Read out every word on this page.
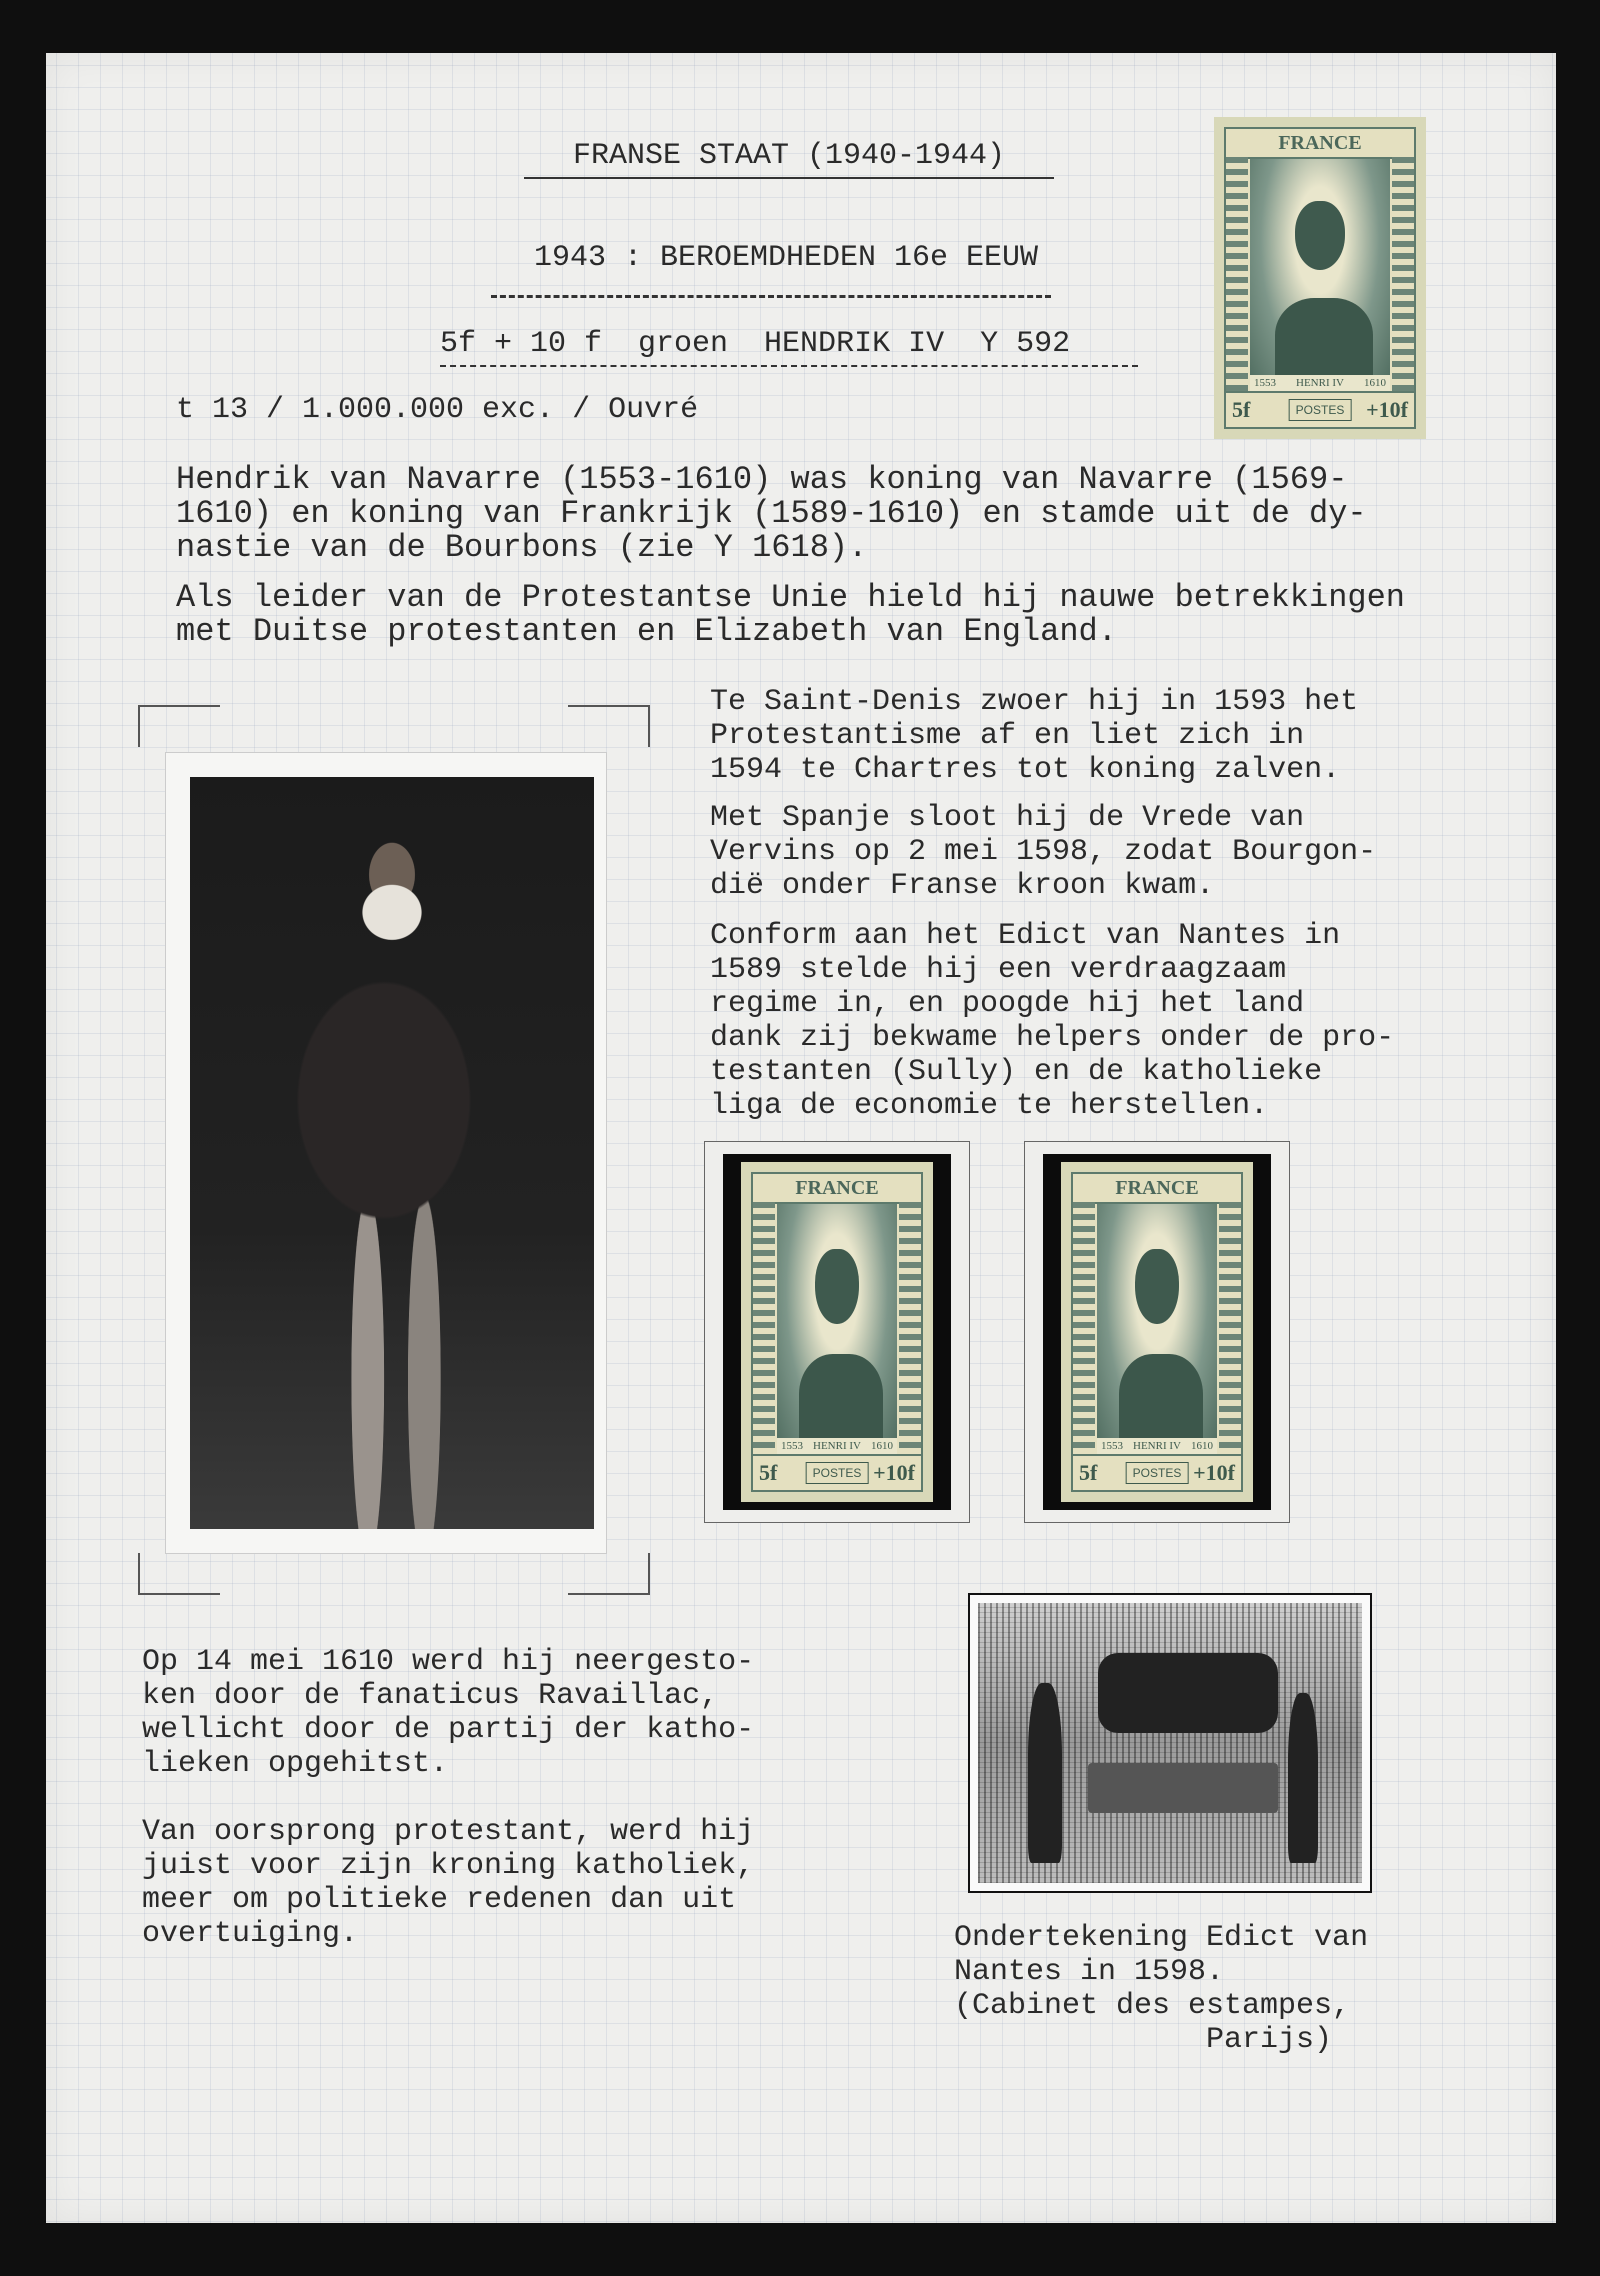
FRANSE STAAT (1940-1944)
1943 : BEROEMDHEDEN 16e EEUW
5f + 10 f  groen  HENDRIK IV  Y 592
t 13 / 1.000.000 exc. / Ouvré
Hendrik van Navarre (1553-1610) was koning van Navarre (1569-
1610) en koning van Frankrijk (1589-1610) en stamde uit de dy-
nastie van de Bourbons (zie Y 1618).
Als leider van de Protestantse Unie hield hij nauwe betrekkingen
met Duitse protestanten en Elizabeth van England.
FRANCE
1553 HENRI IV 1610
5f	POSTES +10f
Te Saint-Denis zwoer hij in 1593 het
Protestantisme af en liet zich in
1594 te Chartres tot koning zalven.
Met Spanje sloot hij de Vrede van
Vervins op 2 mei 1598, zodat Bourgon-
dië onder Franse kroon kwam.
Conform aan het Edict van Nantes in
1589 stelde hij een verdraagzaam
regime in, en poogde hij het land
dank zij bekwame helpers onder de pro-
testanten (Sully) en de katholieke
liga de economie te herstellen.
FRANCE
1553 HENRI IV 1610
5f	POSTES +10f
FRANCE
1553 HENRI IV 1610
5f	POSTES +10f
Op 14 mei 1610 werd hij neergesto-
ken door de fanaticus Ravaillac,
wellicht door de partij der katho-
lieken opgehitst.
Van oorsprong protestant, werd hij
juist voor zijn kroning katholiek,
meer om politieke redenen dan uit
overtuiging.	Ondertekening Edict van
Nantes in 1598.
(Cabinet des estampes,
Parijs)
